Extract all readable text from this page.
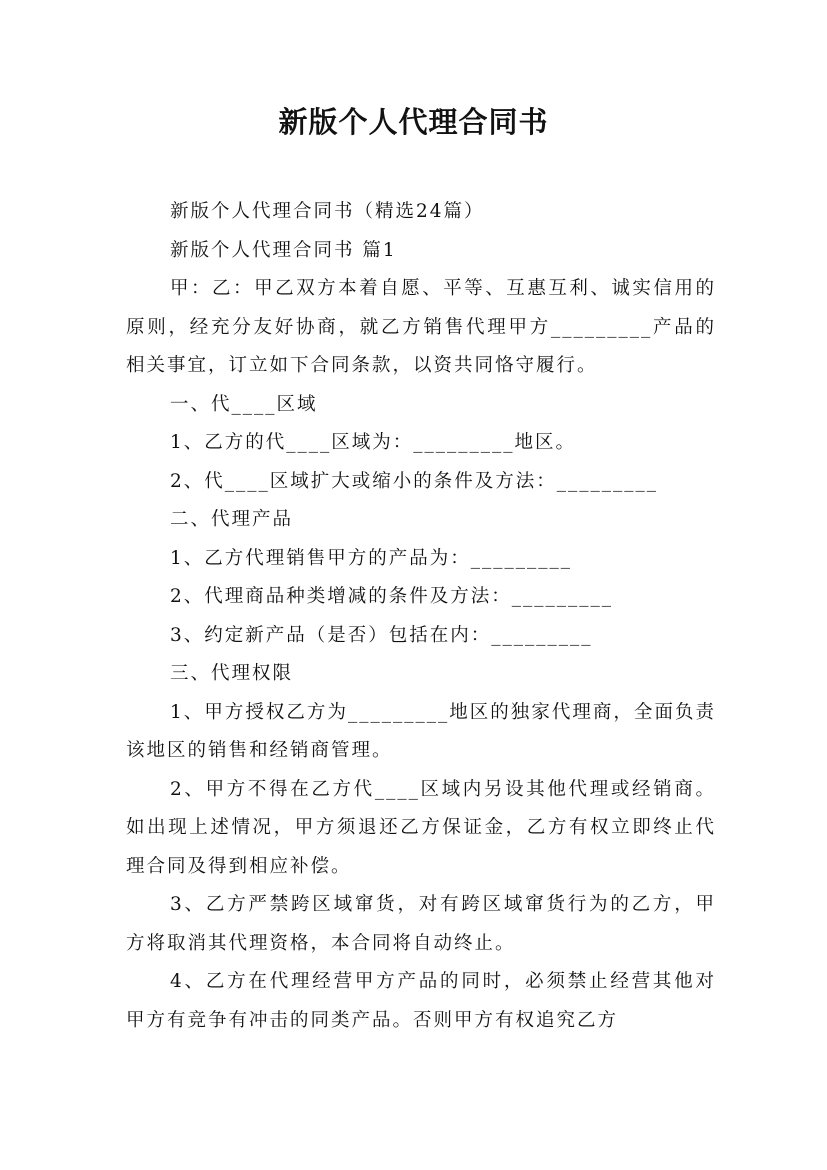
新版个人代理合同书

新版个人代理合同书（精选24篇）

新版个人代理合同书 篇1

甲：乙：甲乙双方本着自愿、平等、互惠互利、诚实信用的原则，经充分友好协商，就乙方销售代理甲方_________产品的相关事宜，订立如下合同条款，以资共同恪守履行。

一、代____区域

1、乙方的代____区域为：_________地区。

2、代____区域扩大或缩小的条件及方法：_________

二、代理产品

1、乙方代理销售甲方的产品为：_________

2、代理商品种类增减的条件及方法：_________

3、约定新产品（是否）包括在内：_________

三、代理权限

1、甲方授权乙方为_________地区的独家代理商，全面负责该地区的销售和经销商管理。

2、甲方不得在乙方代____区域内另设其他代理或经销商。如出现上述情况，甲方须退还乙方保证金，乙方有权立即终止代理合同及得到相应补偿。

3、乙方严禁跨区域窜货，对有跨区域窜货行为的乙方，甲方将取消其代理资格，本合同将自动终止。

4、乙方在代理经营甲方产品的同时，必须禁止经营其他对甲方有竞争有冲击的同类产品。否则甲方有权追究乙方
